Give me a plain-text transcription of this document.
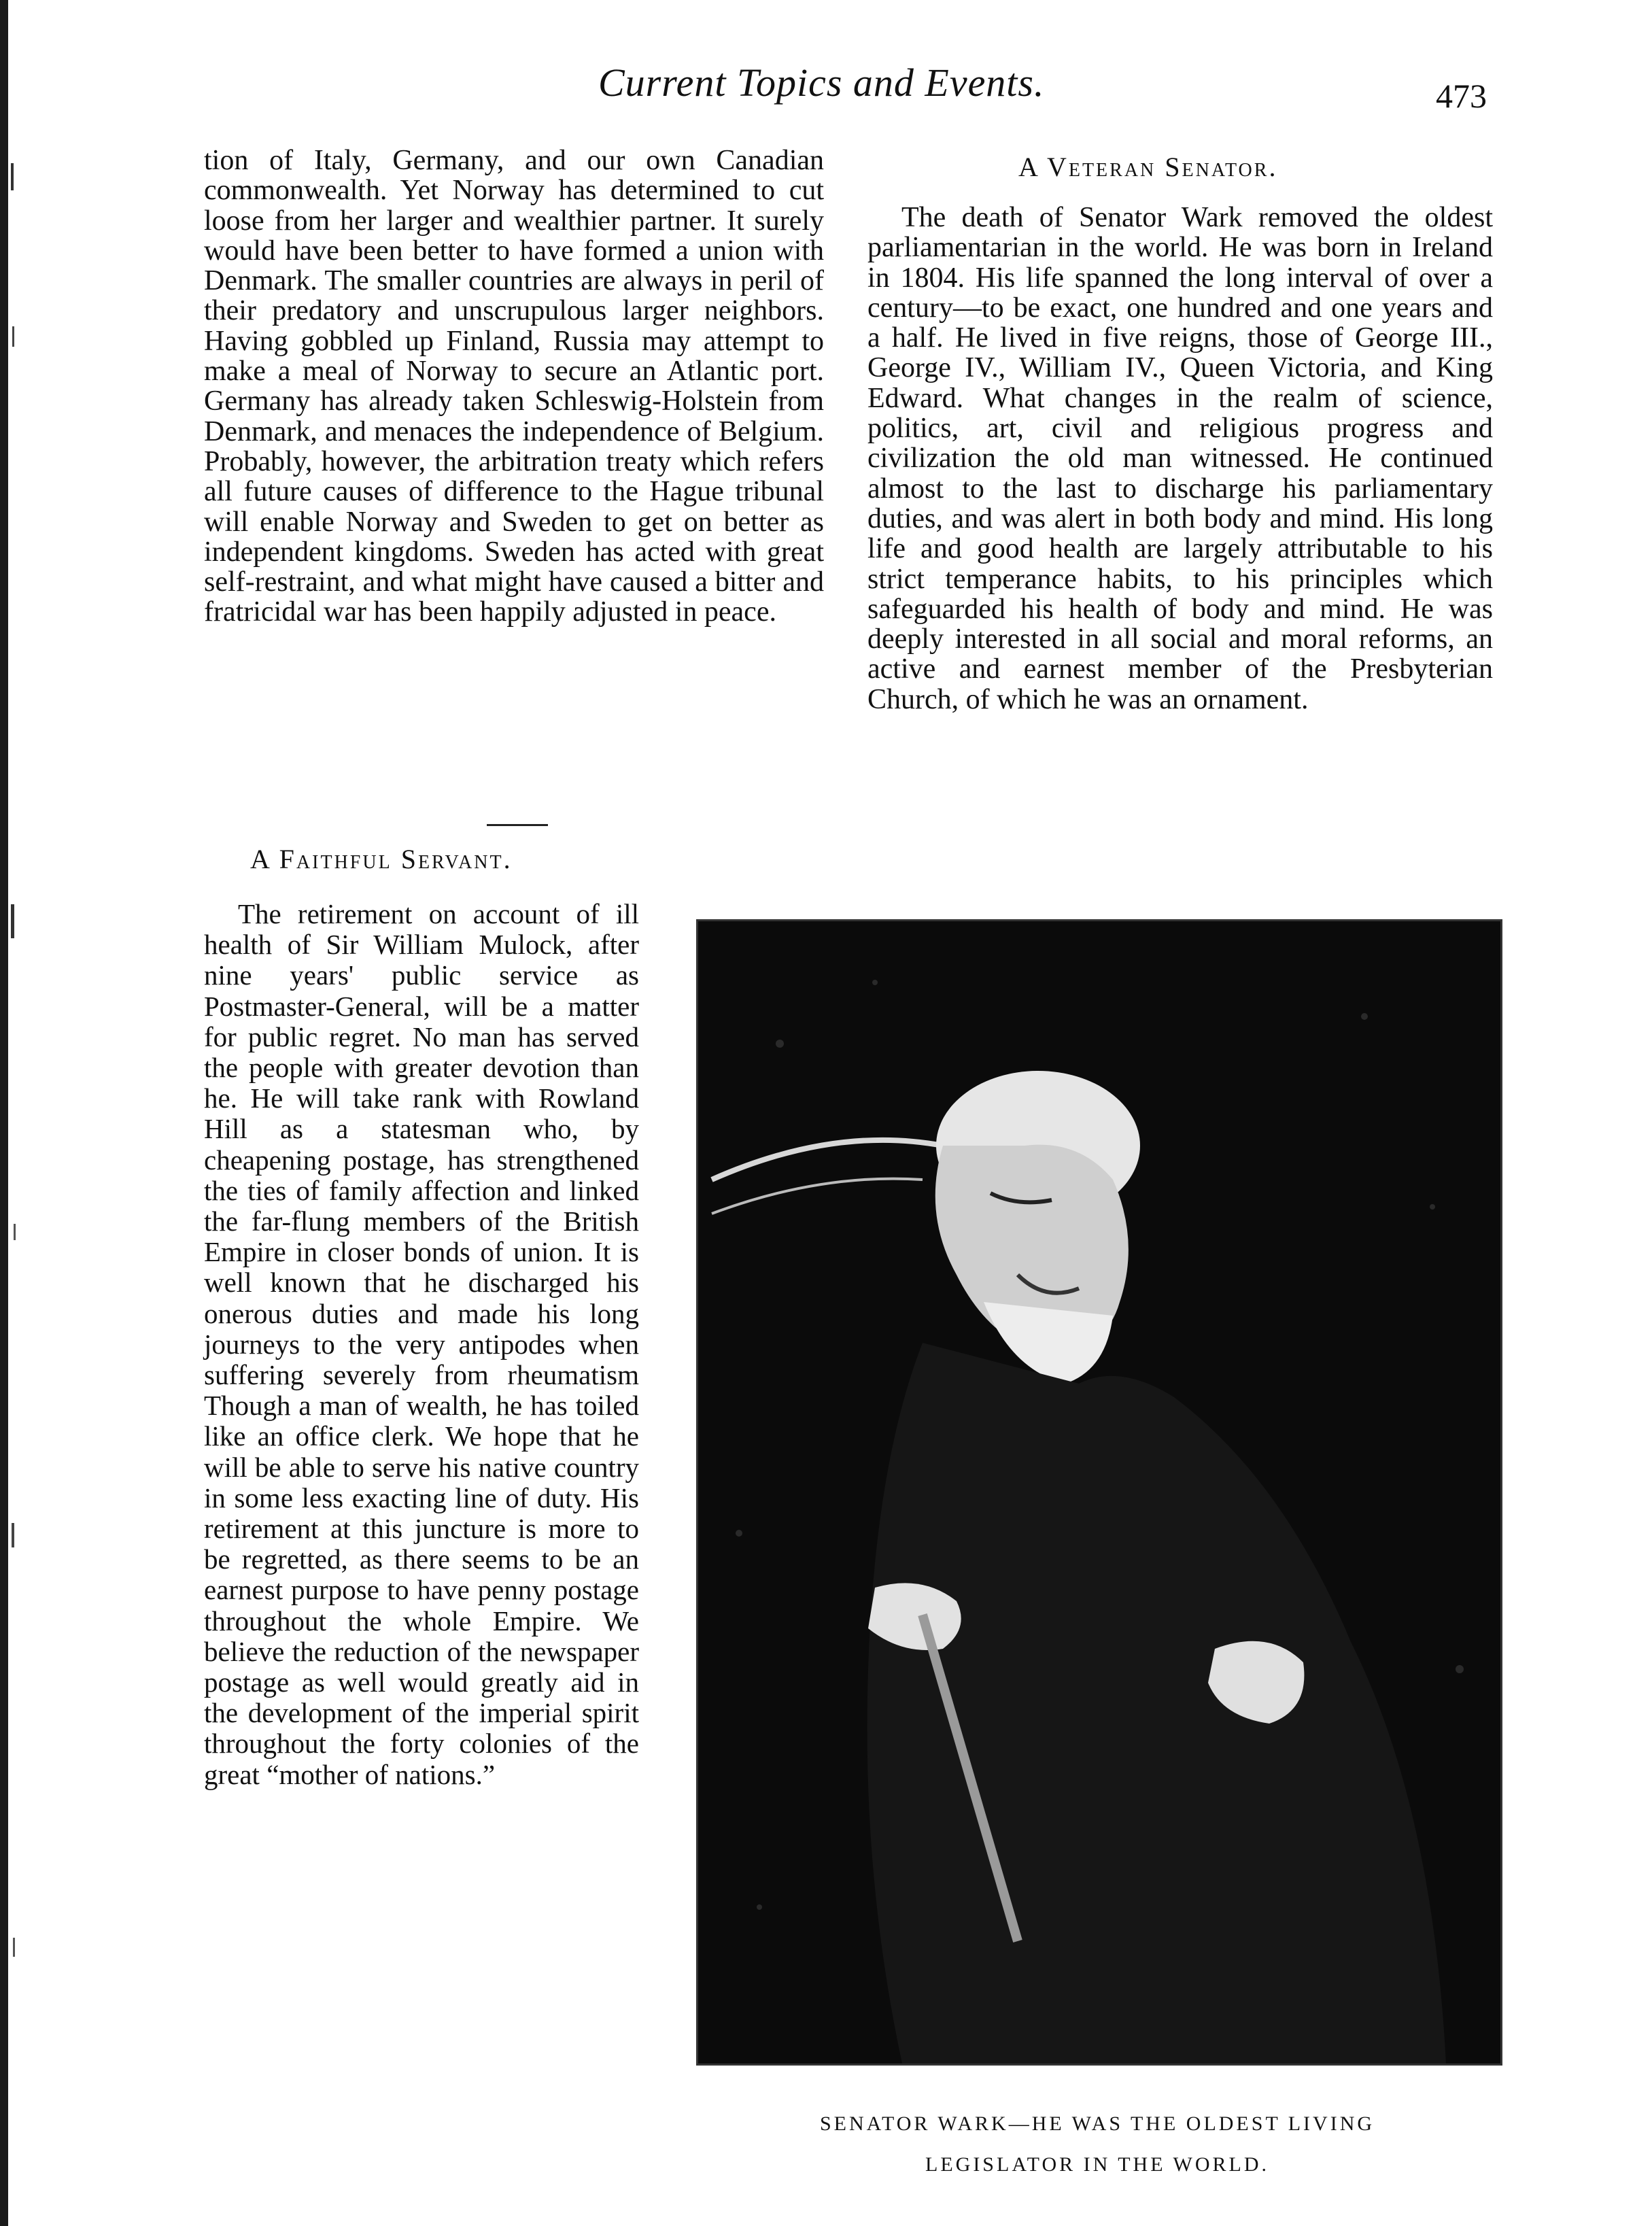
Current Topics and Events.	473

tion of Italy, Germany, and our own Canadian commonwealth. Yet Norway has determined to cut loose from her larger and wealthier partner. It surely would have been better to have formed a union with Denmark. The smaller countries are always in peril of their predatory and unscrupulous larger neighbors. Having gobbled up Finland, Russia may attempt to make a meal of Norway to secure an Atlantic port. Germany has already taken Schleswig-Holstein from Denmark, and menaces the independence of Belgium. Probably, however, the arbitration treaty which refers all future causes of difference to the Hague tribunal will enable Norway and Sweden to get on better as independent kingdoms. Sweden has acted with great self-restraint, and what might have caused a bitter and fratricidal war has been happily adjusted in peace.

A Faithful Servant.

The retirement on account of ill health of Sir William Mulock, after nine years' public service as Postmaster-General, will be a matter for public regret. No man has served the people with greater devotion than he. He will take rank with Rowland Hill as a statesman who, by cheapening postage, has strengthened the ties of family affection and linked the far-flung members of the British Empire in closer bonds of union. It is well known that he discharged his onerous duties and made his long journeys to the very antipodes when suffering severely from rheumatism Though a man of wealth, he has toiled like an office clerk. We hope that he will be able to serve his native country in some less exacting line of duty. His retirement at this juncture is more to be regretted, as there seems to be an earnest purpose to have penny postage throughout the whole Empire. We believe the reduction of the newspaper postage as well would greatly aid in the development of the imperial spirit throughout the forty colonies of the great “mother of nations.”

A Veteran Senator.

The death of Senator Wark removed the oldest parliamentarian in the world. He was born in Ireland in 1804. His life spanned the long interval of over a century—to be exact, one hundred and one years and a half. He lived in five reigns, those of George III., George IV., William IV., Queen Victoria, and King Edward. What changes in the realm of science, politics, art, civil and religious progress and civilization the old man witnessed. He continued almost to the last to discharge his parliamentary duties, and was alert in both body and mind. His long life and good health are largely attributable to his strict temperance habits, to his principles which safeguarded his health of body and mind. He was deeply interested in all social and moral reforms, an active and earnest member of the Presbyterian Church, of which he was an ornament.

SENATOR WARK—HE WAS THE OLDEST LIVING
LEGISLATOR IN THE WORLD.
